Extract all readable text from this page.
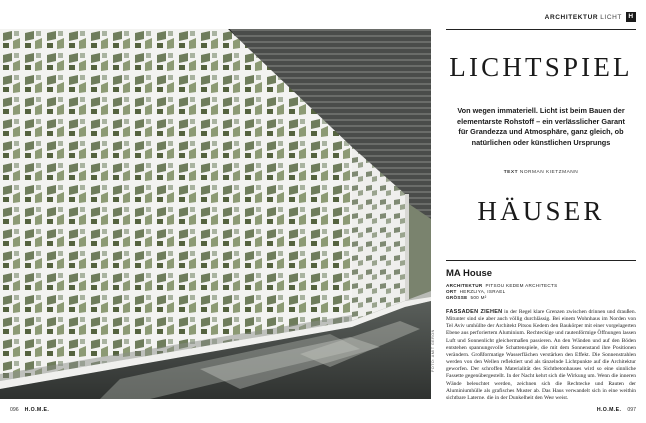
FOTO: AMIT GERON
ARCHITEKTUR LICHT H
LICHTSPIEL

Von wegen immateriell. Licht ist beim Bauen der elementarste Rohstoff – ein verlässlicher Garant für Grandezza und Atmosphäre, ganz gleich, ob natürlichen oder künstlichen Ursprungs

TEXT NORMAN KIETZMANN
HÄUSER
MA House
ARCHITEKTUR PITSOU KEDEM ARCHITECTS
ORT HERZLIYA, ISRAEL
GRÖSSE 500 M²

FASSADEN ZIEHEN in der Regel klare Grenzen zwischen drinnen und draußen. Mitunter sind sie aber auch völlig durchlässig. Bei einem Wohnhaus im Norden von Tel Aviv umhüllte der Architekt Pitsou Kedem den Baukörper mit einer vorgelagerten Ebene aus perforiertem Aluminium. Rechteckige und rautenförmige Öffnungen lassen Luft und Sonnenlicht gleichermaßen passieren. An den Wänden und auf den Böden entstehen spannungsvolle Schattenspiele, die mit dem Sonnenstand ihre Positionen verändern. Großformatige Wasserflächen verstärken den Effekt. Die Sonnenstrahlen werden von den Wellen reflektiert und als tänzelnde Lichtpunkte auf die Architektur geworfen. Der schroffen Materialität des Sichtbetonhauses wird so eine sinnliche Fassette gegenübergestellt. In der Nacht kehrt sich die Wirkung um. Wenn die inneren Wände beleuchtet werden, zeichnen sich die Rechtecke und Rauten der Aluminiumhülle als grafisches Muster ab. Das Haus verwandelt sich in eine weithin sichtbare Laterne, die in der Dunkelheit den Weg weist.

096 H.O.M.E.	H.O.M.E. 097
